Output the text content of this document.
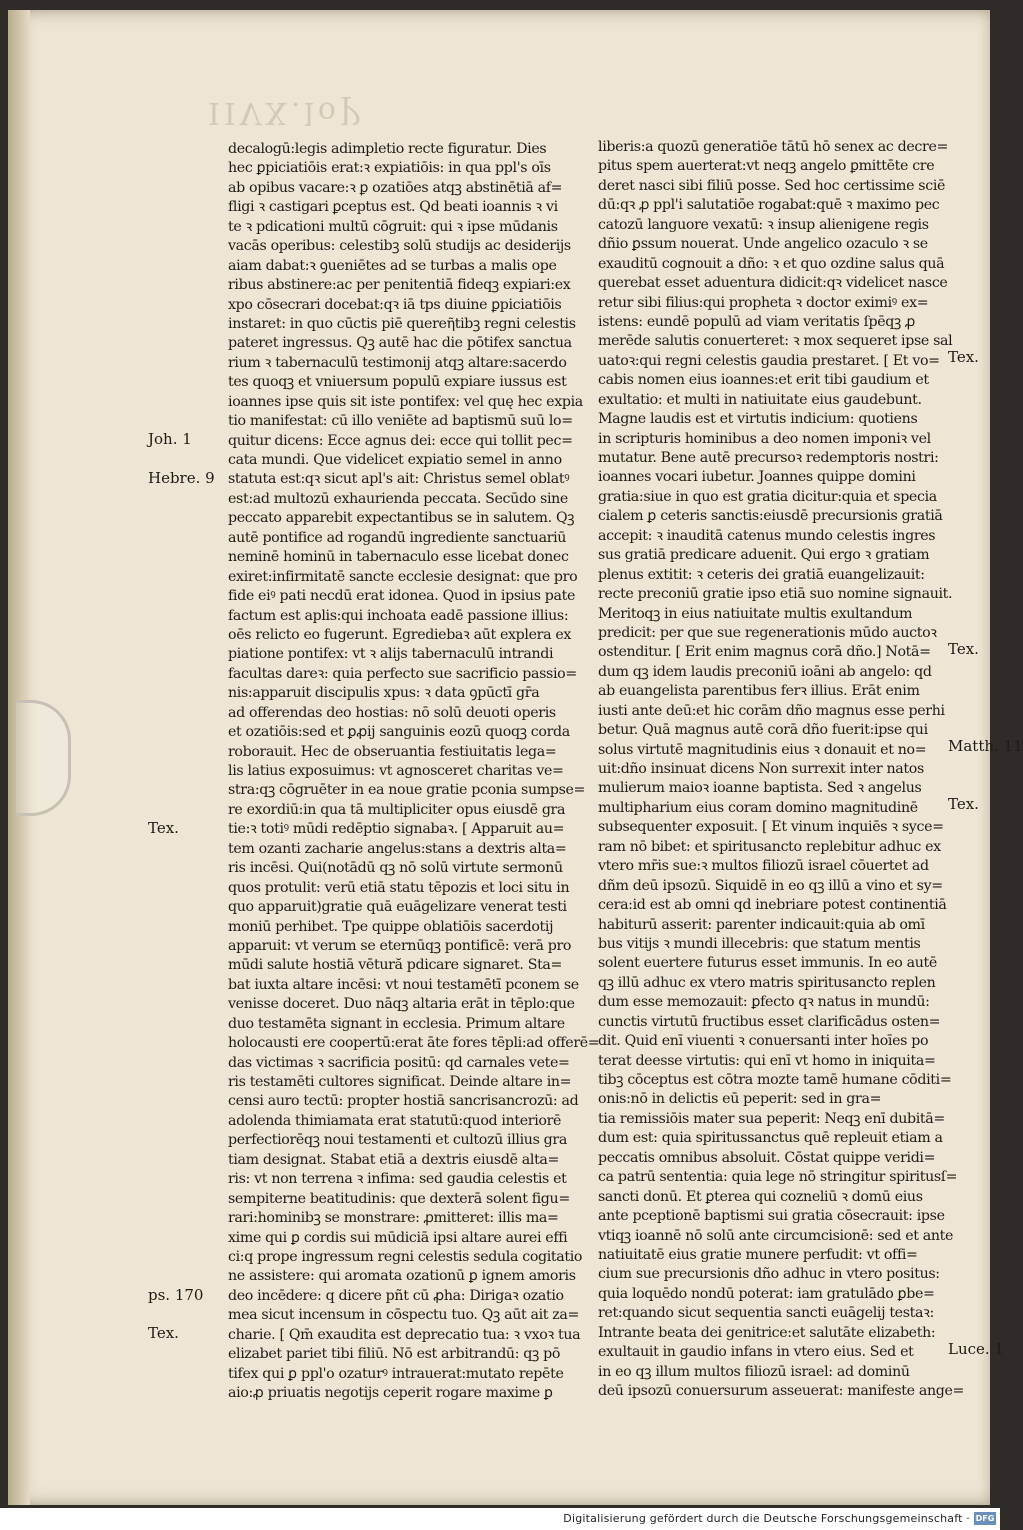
IIVX.loꝨ
decalogū:legis adimpletio recte figuratur. Dies
hec ꝑpiciatiōis erat:ꝛ expiatiōis: in qua ppl's oīs
ab opibus vacare:ꝛ ꝑ ozatiōes atqꝫ abstinētiā af=
fligi ꝛ castigari ꝑceptus est. Qd beati ioannis ꝛ vi
te ꝛ pdicationi multū cōgruit: qui ꝛ ipse mūdanis
vacās operibus: celestibꝫ solū studijs ac desiderijs
aiam dabat:ꝛ ꝯueniētes ad se turbas a malis ope
ribus abstinere:ac per penitentiā fideqꝫ expiari:ex
xpo cōsecrari docebat:qꝛ iā tps diuine ꝑpiciatiōis
instaret: in quo cūctis piē quereῆtibꝫ regni celestis
pateret ingressus. Qꝫ autē hac die pōtifex sanctua
rium ꝛ tabernaculū testimonij atqꝫ altare:sacerdo
tes quoqꝫ et vniuersum populū expiare iussus est
ioannes ipse quis sit iste pontifex: vel quę hec expia
tio manifestat: cū illo veniēte ad baptismū suū lo=
quitur dicens: Ecce agnus dei: ecce qui tollit pec=
cata mundi. Que videlicet expiatio semel in anno
statuta est:qꝛ sicut apl's ait: Christus semel oblatꝰ
est:ad multozū exhaurienda peccata. Secūdo sine
peccato apparebit expectantibus se in salutem. Qꝫ
autē pontifice ad rogandū ingrediente sanctuariū
neminē hominū in tabernaculo esse licebat donec
exiret:infirmitatē sancte ecclesie designat: que pro
fide eiꝰ pati necdū erat idonea. Quod in ipsius pate
factum est aplis:qui inchoata eadē passione illius:
oēs relicto eo fugerunt. Egrediebaꝛ aūt explera ex
piatione pontifex: vt ꝛ alijs tabernaculū intrandi
facultas dareꝛ: quia perfecto sue sacrificio passio=
nis:apparuit discipulis xpus: ꝛ data ꝯpūctī gr̄a
ad offerendas deo hostias: nō solū deuoti operis
et ozatiōis:sed et ꝑꝓij sanguinis eozū quoqꝫ corda
roborauit. Hec de obseruantia festiuitatis lega=
lis latius exposuimus: vt agnosceret charitas ve=
stra:qꝫ cōgruēter in ea noue gratie pconia sumpse=
re exordiū:in qua tā multipliciter opus eiusdē gra
tie:ꝛ totiꝰ mūdi redēptio signabaꝛ. [ Apparuit au=
tem ozanti zacharie angelus:stans a dextris alta=
ris incēsi. Qui(notādū qꝫ nō solū virtute sermonū
quos protulit: verū etiā statu tēpozis et loci situ in
quo apparuit)gratie quā euāgelizare venerat testi
moniū perhibet. Tpe quippe oblatiōis sacerdotij
apparuit: vt verum se eternūqꝫ pontificē: verā pro
mūdi salute hostiā vētură pdicare signaret. Sta=
bat iuxta altare incēsi: vt noui testamētī pconem se
venisse doceret. Duo nāqꝫ altaria erāt in tēplo:que
duo testamēta signant in ecclesia. Primum altare
holocausti ere coopertū:erat āte fores tēpli:ad offerē=
das victimas ꝛ sacrificia positū: qd carnales vete=
ris testamēti cultores significat. Deinde altare in=
censi auro tectū: propter hostiā sancrisancrozū: ad
adolenda thimiamata erat statutū:quod interiorē
perfectiorēqꝫ noui testamenti et cultozū illius gra
tiam designat. Stabat etiā a dextris eiusdē alta=
ris: vt non terrena ꝛ infima: sed gaudia celestis et
sempiterne beatitudinis: que dexterā solent figu=
rari:hominibꝫ se monstrare: ꝓmitteret: illis ma=
xime qui ꝑ cordis sui mūdiciā ipsi altare aurei effi
ci:q prope ingressum regni celestis sedula cogitatio
ne assistere: qui aromata ozationū ꝑ ignem amoris
deo incēdere: q dicere pñt cū ꝓha: Dirigaꝛ ozatio
mea sicut incensum in cōspectu tuo. Qꝫ aūt ait za=
charie. [ Qm̄ exaudita est deprecatio tua: ꝛ vxoꝛ tua
elizabet pariet tibi filiū. Nō est arbitrandū: qꝫ pō
tifex qui ꝑ ppl'o ozaturꝰ intrauerat:mutato repēte
aio:ꝓ priuatis negotijs ceperit rogare maxime ꝑ
liberis:a quozū generatiōe tātū hō senex ac decre=
pitus spem auerterat:vt neqꝫ angelo ꝑmittēte cre
deret nasci sibi filiū posse. Sed hoc certissime sciē
dū:qꝛ ꝓ ppl'i salutatiōe rogabat:quē ꝛ maximo pec
catozū languore vexatū: ꝛ insup alienigene regis
dñio ꝑssum nouerat. Unde angelico ozaculo ꝛ se
exauditū cognouit a dño: ꝛ et quo ozdine salus quā
querebat esset aduentura didicit:qꝛ videlicet nasce
retur sibi filius:qui propheta ꝛ doctor eximiꝰ ex=
istens: eundē populū ad viam veritatis ſpēqꝫ ꝓ
merēde salutis conuerteret: ꝛ mox sequeret ipse sal
uatoꝛ:qui regni celestis gaudia prestaret. [ Et vo=
cabis nomen eius ioannes:et erit tibi gaudium et
exultatio: et multi in natiuitate eius gaudebunt.
Magne laudis est et virtutis indicium: quotiens
in scripturis hominibus a deo nomen imponiꝛ vel
mutatur. Bene autē precursoꝛ redemptoris nostri:
ioannes vocari iubetur. Joannes quippe domini
gratia:siue in quo est gratia dicitur:quia et specia
cialem ꝑ ceteris sanctis:eiusdē precursionis gratiā
accepit: ꝛ inauditā catenus mundo celestis ingres
sus gratiā predicare aduenit. Qui ergo ꝛ gratiam
plenus extitit: ꝛ ceteris dei gratiā euangelizauit:
recte preconiū gratie ipso etiā suo nomine signauit.
Meritoqꝫ in eius natiuitate multis exultandum
predicit: per que sue regenerationis mūdo auctoꝛ
ostenditur. [ Erit enim magnus corā dño.] Notā=
dum qꝫ idem laudis preconiū ioāni ab angelo: qd
ab euangelista parentibus ferꝛ illius. Erāt enim
iusti ante deū:et hic corām dño magnus esse perhi
betur. Quā magnus autē corā dño fuerit:ipse qui
solus virtutē magnitudinis eius ꝛ donauit et no=
uit:dño insinuat dicens Non surrexit inter natos
mulierum maioꝛ ioanne baptista. Sed ꝛ angelus
multipharium eius coram domino magnitudinē
subsequenter exposuit. [ Et vinum inquiēs ꝛ syce=
ram nō bibet: et spiritusancto replebitur adhuc ex
vtero mr̄is sue:ꝛ multos filiozū israel cōuertet ad
dñm deū ipsozū. Siquidē in eo qꝫ illū a vino et sy=
cera:id est ab omni qd inebriare potest continentiā
habiturū asserit: parenter indicauit:quia ab omī
bus vitijs ꝛ mundi illecebris: que statum mentis
solent euertere futurus esset immunis. In eo autē
qꝫ illū adhuc ex vtero matris spiritusancto replen
dum esse memozauit: ꝑfecto qꝛ natus in mundū:
cunctis virtutū fructibus esset clarificādus osten=
dit. Quid enī viuenti ꝛ conuersanti inter hoīes po
terat deesse virtutis: qui enī vt homo in iniquita=
tibꝫ cōceptus est cōtra mozte tamē humane cōditi=
onis:nō in delictis eū peperit: sed in gra=
tia remissiōis mater sua peperit: Neqꝫ enī dubitā=
dum est: quia spiritussanctus quē repleuit etiam a
peccatis omnibus absoluit. Cōstat quippe veridi=
ca patrū sententia: quia lege nō stringitur spiritusſ=
sancti donū. Et ꝑterea qui cozneliū ꝛ domū eius
ante pceptionē baptismi sui gratia cōsecrauit: ipse
vtiqꝫ ioannē nō solū ante circumcisionē: sed et ante
natiuitatē eius gratie munere perfudit: vt offi=
cium sue precursionis dño adhuc in vtero positus:
quia loquēdo nondū poterat: iam gratulādo ꝑbe=
ret:quando sicut sequentia sancti euāgelij testaꝛ:
Intrante beata dei genitrice:et salutāte elizabeth:
exultauit in gaudio infans in vtero eius. Sed et
in eo qꝫ illum multos filiozū israel: ad dominū
deū ipsozū conuersurum asseuerat: manifeste ange=
Joh. 1
Hebre. 9
Tex.
ps. 170
Tex.
Tex.
Tex.
Matth. 11
Tex.
Luce. 1
Digitalisierung gefördert durch die Deutsche Forschungsgemeinschaft · DFG
